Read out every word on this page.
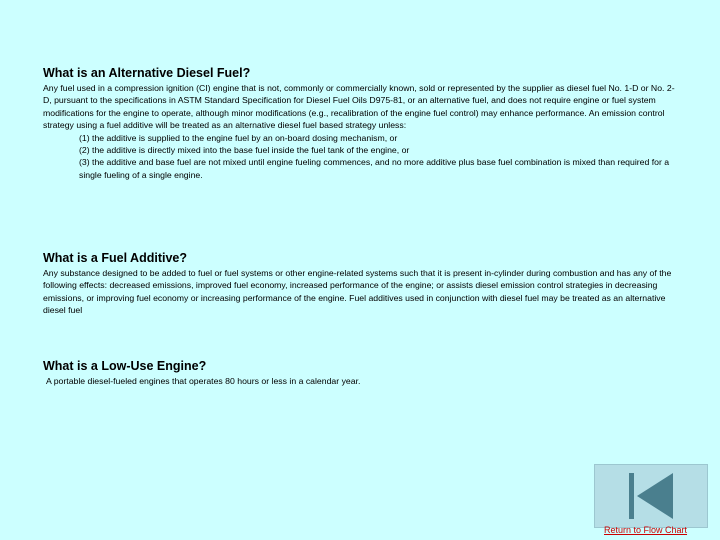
What is an Alternative Diesel Fuel?

Any fuel used in a compression ignition (CI) engine that is not, commonly or commercially known, sold or represented by the supplier as diesel fuel No. 1-D or No. 2-D, pursuant to the specifications in ASTM Standard Specification for Diesel Fuel Oils D975-81, or an alternative fuel, and does not require engine or fuel system modifications for the engine to operate, although minor modifications (e.g., recalibration of the engine fuel control) may enhance performance. An emission control strategy using a fuel additive will be treated as an alternative diesel fuel based strategy unless:

(1) the additive is supplied to the engine fuel by an on-board dosing mechanism, or

(2) the additive is directly mixed into the base fuel inside the fuel tank of the engine, or

(3) the additive and base fuel are not mixed until engine fueling commences, and no more additive plus base fuel combination is mixed than required for a single fueling of a single engine.

What is a Fuel Additive?

Any substance designed to be added to fuel or fuel systems or other engine-related systems such that it is present in-cylinder during combustion and has any of the following effects: decreased emissions, improved fuel economy, increased performance of the engine; or assists diesel emission control strategies in decreasing emissions, or improving fuel economy or increasing performance of the engine. Fuel additives used in conjunction with diesel fuel may be treated as an alternative diesel fuel

What is a Low-Use Engine?

A portable diesel-fueled engines that operates 80 hours or less in a calendar year.

Return to Flow Chart
